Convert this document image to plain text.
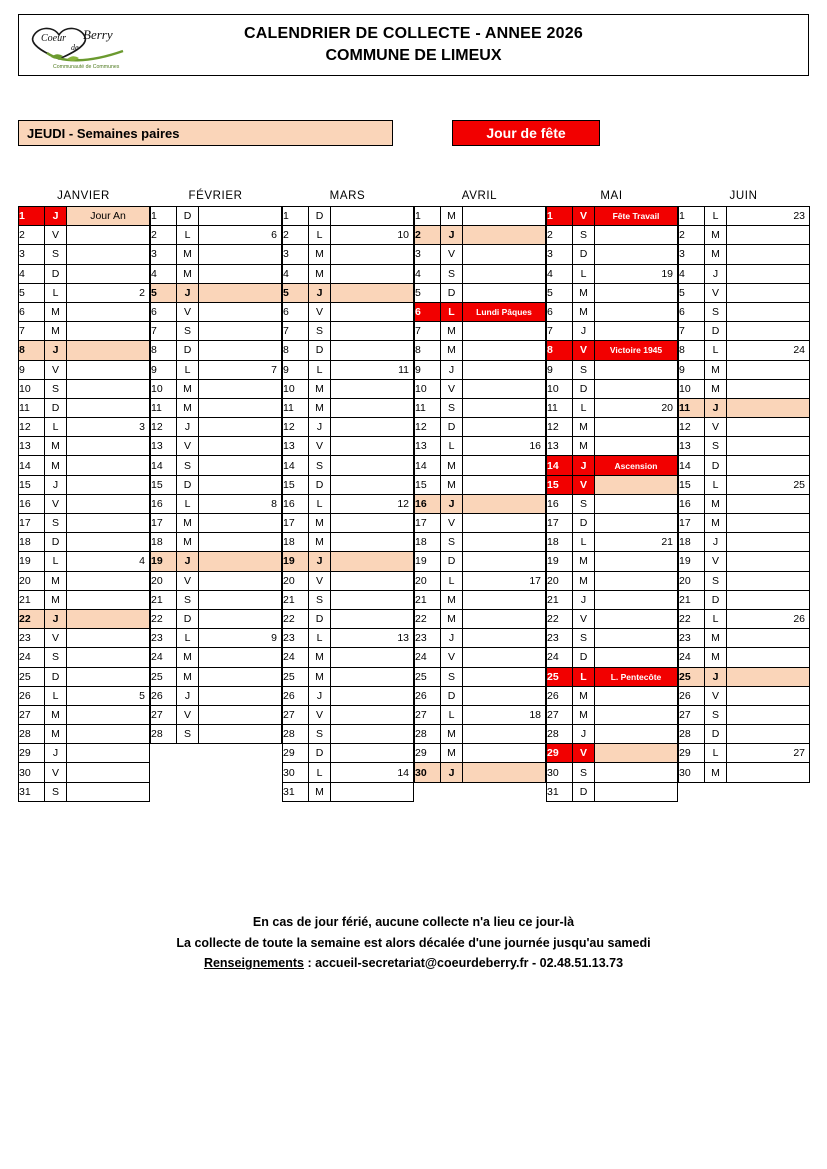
Coeur Berry
de
Communauté de Communes
CALENDRIER DE COLLECTE - ANNEE 2026
COMMUNE DE LIMEUX
JEUDI - Semaines paires	Jour de fête
JANVIER
1	J	Jour An
2	V	
3	S	
4	D	
5	L	2
6	M	
7	M	
8	J	
9	V	
10	S	
11	D	
12	L	3
13	M	
14	M	
15	J	
16	V	
17	S	
18	D	
19	L	4
20	M	
21	M	
22	J	
23	V	
24	S	
25	D	
26	L	5
27	M	
28	M	
29	J	
30	V	
31	S	
FÉVRIER
1	D	
2	L	6
3	M	
4	M	
5	J	
6	V	
7	S	
8	D	
9	L	7
10	M	
11	M	
12	J	
13	V	
14	S	
15	D	
16	L	8
17	M	
18	M	
19	J	
20	V	
21	S	
22	D	
23	L	9
24	M	
25	M	
26	J	
27	V	
28	S	

MARS
1	D	
2	L	10
3	M	
4	M	
5	J	
6	V	
7	S	
8	D	
9	L	11
10	M	
11	M	
12	J	
13	V	
14	S	
15	D	
16	L	12
17	M	
18	M	
19	J	
20	V	
21	S	
22	D	
23	L	13
24	M	
25	M	
26	J	
27	V	
28	S	
29	D	
30	L	14
31	M	
AVRIL
1	M	
2	J	
3	V	
4	S	
5	D	
6	L	Lundi Pâques
7	M	
8	M	
9	J	
10	V	
11	S	
12	D	
13	L	16
14	M	
15	M	
16	J	
17	V	
18	S	
19	D	
20	L	17
21	M	
22	M	
23	J	
24	V	
25	S	
26	D	
27	L	18
28	M	
29	M	
30	J	

MAI
1	V	Fête Travail
2	S	
3	D	
4	L	19
5	M	
6	M	
7	J	
8	V	Victoire 1945
9	S	
10	D	
11	L	20
12	M	
13	M	
14	J	Ascension
15	V	
16	S	
17	D	
18	L	21
19	M	
20	M	
21	J	
22	V	
23	S	
24	D	
25	L	L. Pentecôte
26	M	
27	M	
28	J	
29	V	
30	S	
31	D	
JUIN
1	L	23
2	M	
3	M	
4	J	
5	V	
6	S	
7	D	
8	L	24
9	M	
10	M	
11	J	
12	V	
13	S	
14	D	
15	L	25
16	M	
17	M	
18	J	
19	V	
20	S	
21	D	
22	L	26
23	M	
24	M	
25	J	
26	V	
27	S	
28	D	
29	L	27
30	M	

En cas de jour férié, aucune collecte n'a lieu ce jour-là
La collecte de toute la semaine est alors décalée d'une journée jusqu'au samedi
Renseignements : accueil-secretariat@coeurdeberry.fr - 02.48.51.13.73
